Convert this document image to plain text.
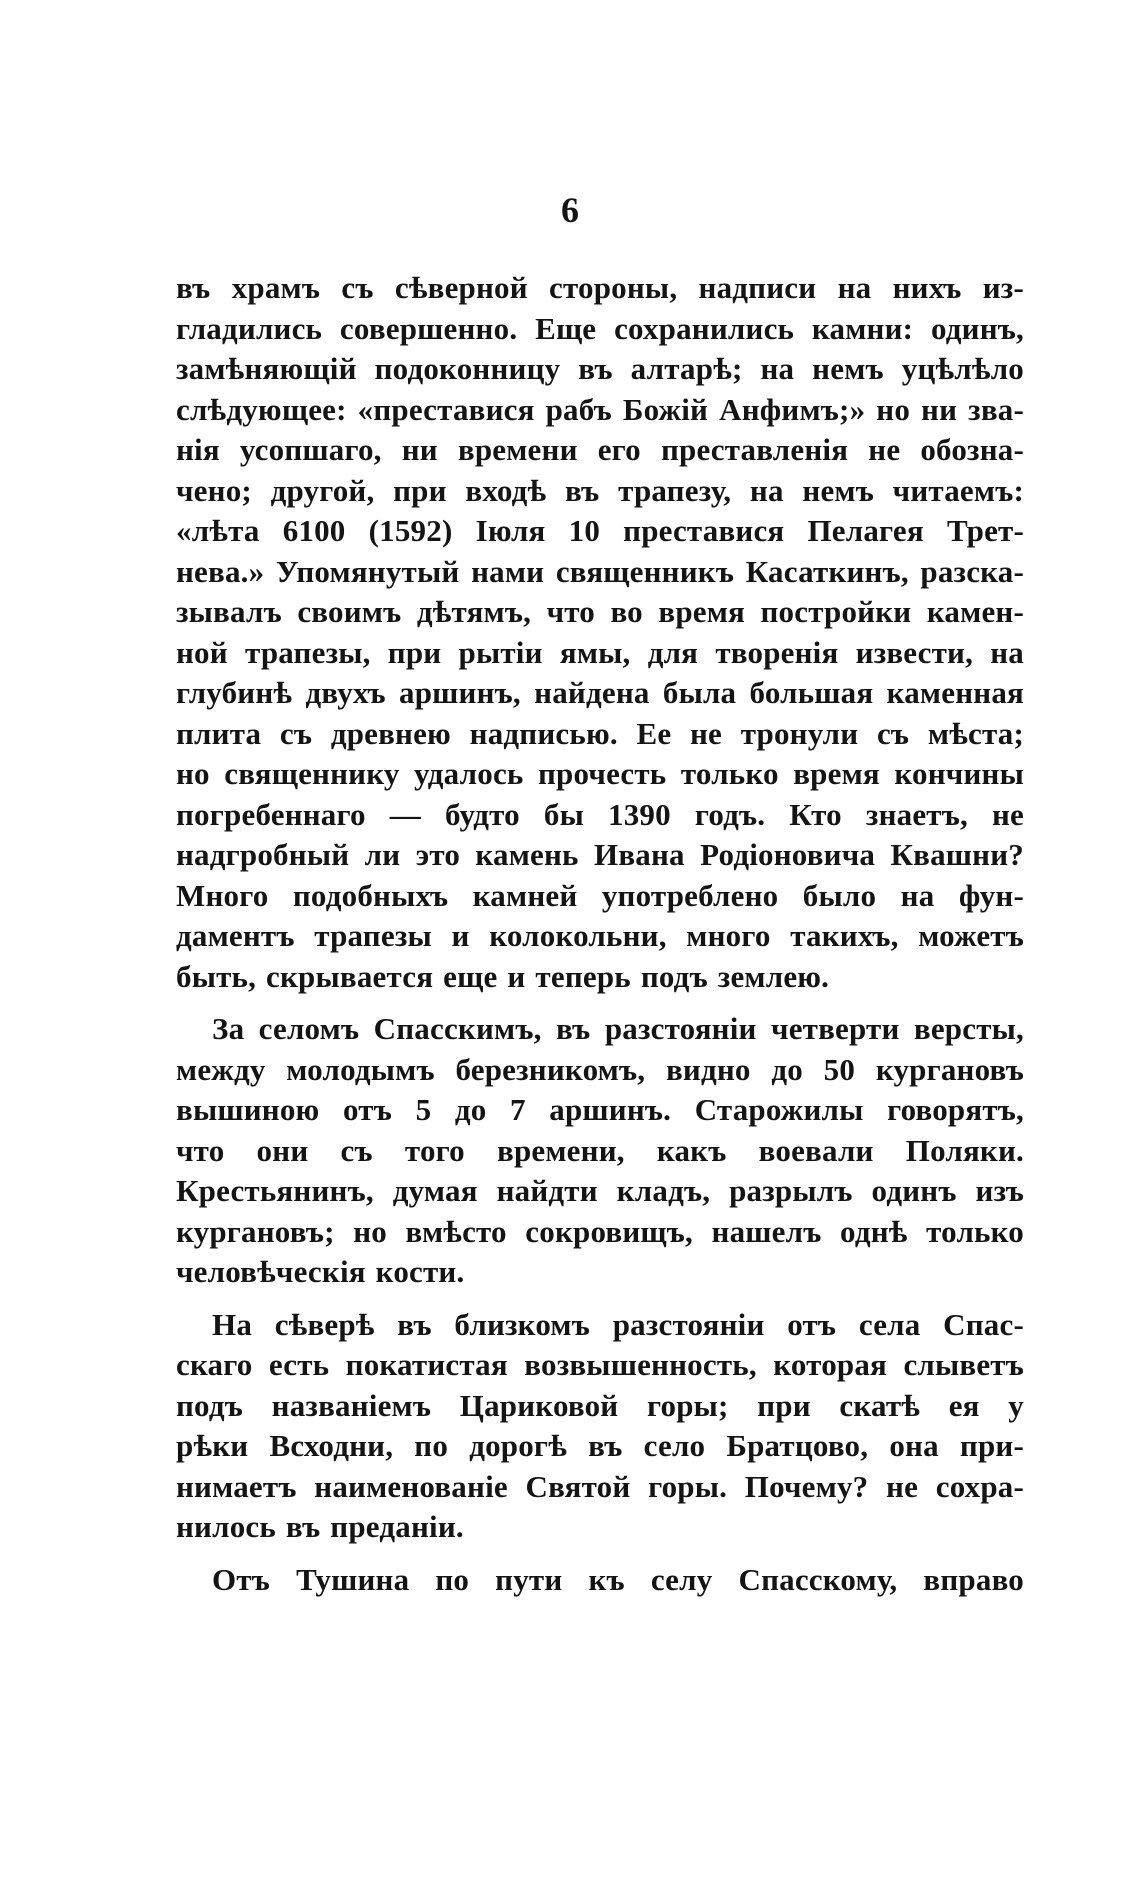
6
въ храмъ съ сѣверной стороны, надписи на нихъ из-
гладились совершенно. Еще сохранились камни: одинъ,
замѣняющій подоконницу въ алтарѣ; на немъ уцѣлѣло
слѣдующее: «преставися рабъ Божій Анфимъ;» но ни зва-
нія усопшаго, ни времени его преставленія не обозна-
чено; другой, при входѣ въ трапезу, на немъ читаемъ:
«лѣта 6100 (1592) Іюля 10 преставися Пелагея Трет-
нева.» Упомянутый нами священникъ Касаткинъ, разска-
зывалъ своимъ дѣтямъ, что во время постройки камен-
ной трапезы, при рытіи ямы, для творенія извести, на
глубинѣ двухъ аршинъ, найдена была большая каменная
плита съ древнею надписью. Ее не тронули съ мѣста;
но священнику удалось прочесть только время кончины
погребеннаго — будто бы 1390 годъ. Кто знаетъ, не
надгробный ли это камень Ивана Родіоновича Квашни?
Много подобныхъ камней употреблено было на фун-
даментъ трапезы и колокольни, много такихъ, можетъ
быть, скрывается еще и теперь подъ землею.
За селомъ Спасскимъ, въ разстояніи четверти версты,
между молодымъ березникомъ, видно до 50 кургановъ
вышиною отъ 5 до 7 аршинъ. Старожилы говорятъ,
что они съ того времени, какъ воевали Поляки.
Крестьянинъ, думая найдти кладъ, разрылъ одинъ изъ
кургановъ; но вмѣсто сокровищъ, нашелъ однѣ только
человѣческія кости.
На сѣверѣ въ близкомъ разстояніи отъ села Спас-
скаго есть покатистая возвышенность, которая слыветъ
подъ названіемъ Цариковой горы; при скатѣ ея у
рѣки Всходни, по дорогѣ въ село Братцово, она при-
нимаетъ наименованіе Святой горы. Почему? не сохра-
нилось въ преданіи.
Отъ Тушина по пути къ селу Спасскому, вправо
